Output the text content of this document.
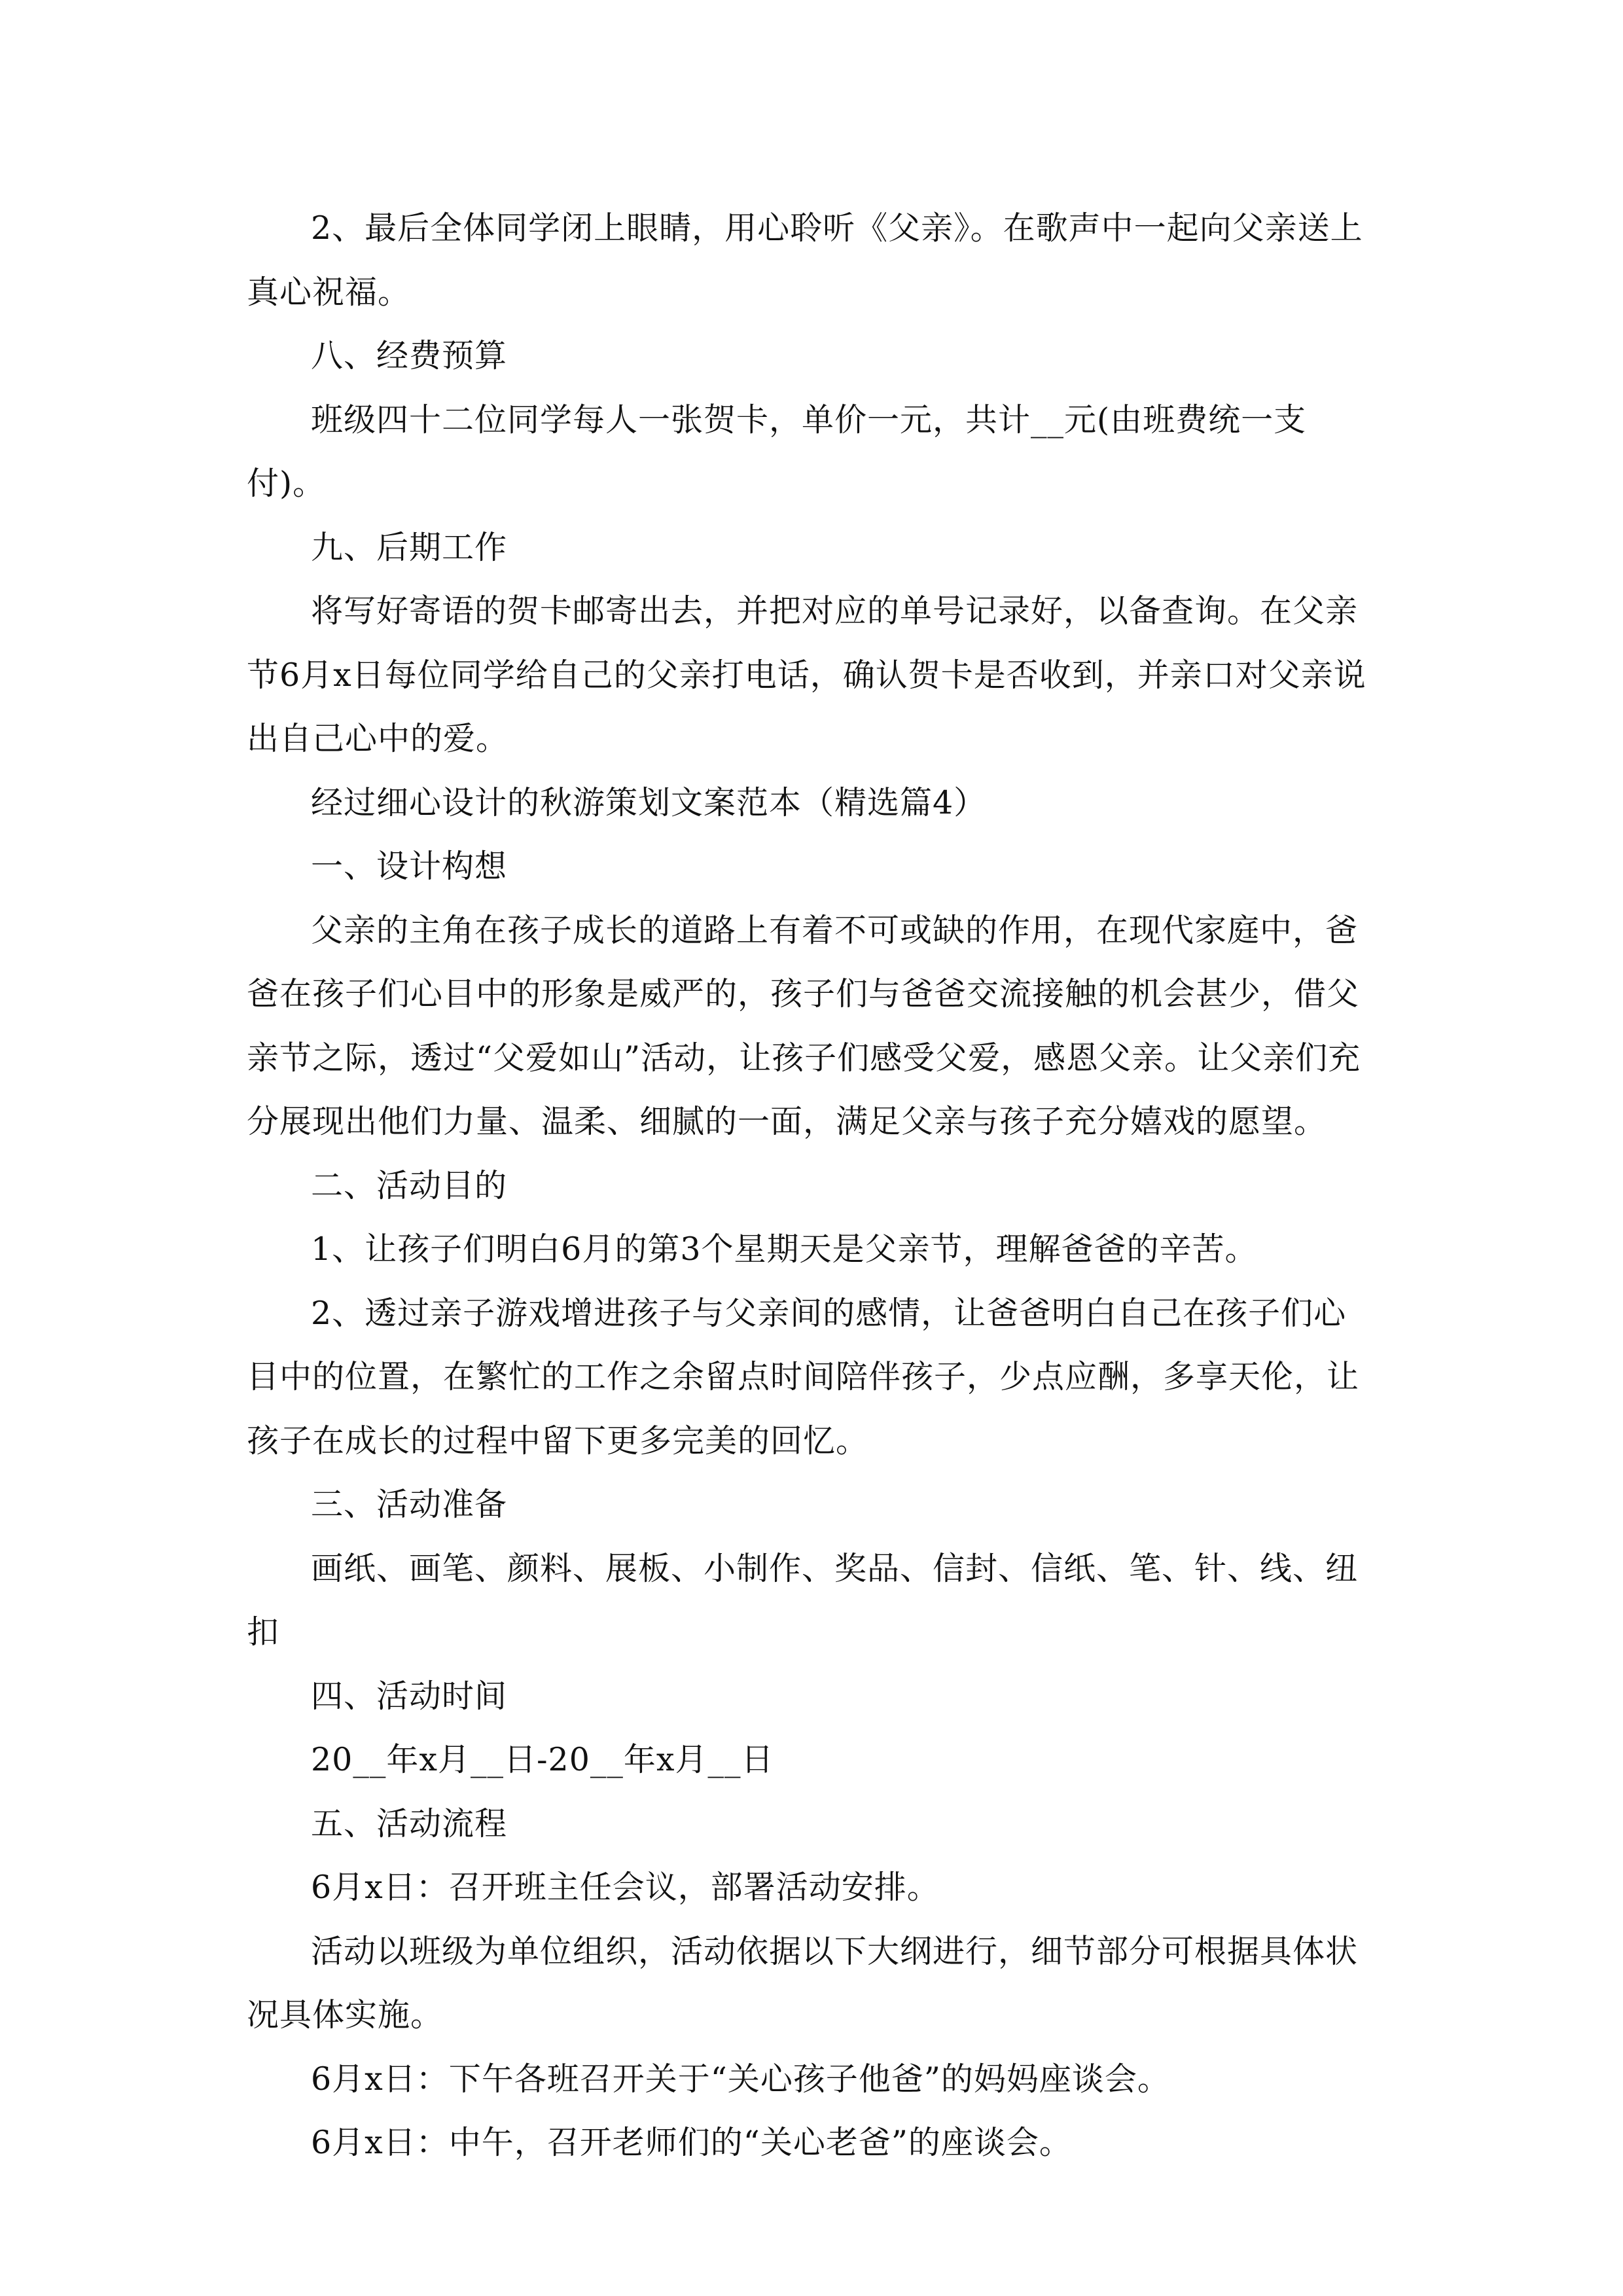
2、最后全体同学闭上眼睛，用心聆听《父亲》。在歌声中一起向父亲送上真心祝福。

八、经费预算

班级四十二位同学每人一张贺卡，单价一元，共计__元(由班费统一支付)。

九、后期工作

将写好寄语的贺卡邮寄出去，并把对应的单号记录好，以备查询。在父亲节6月x日每位同学给自己的父亲打电话，确认贺卡是否收到，并亲口对父亲说出自己心中的爱。

经过细心设计的秋游策划文案范本（精选篇4）

一、设计构想

父亲的主角在孩子成长的道路上有着不可或缺的作用，在现代家庭中，爸爸在孩子们心目中的形象是威严的，孩子们与爸爸交流接触的机会甚少，借父亲节之际，透过“父爱如山”活动，让孩子们感受父爱，感恩父亲。让父亲们充分展现出他们力量、温柔、细腻的一面，满足父亲与孩子充分嬉戏的愿望。

二、活动目的

1、让孩子们明白6月的第3个星期天是父亲节，理解爸爸的辛苦。

2、透过亲子游戏增进孩子与父亲间的感情，让爸爸明白自己在孩子们心目中的位置，在繁忙的工作之余留点时间陪伴孩子，少点应酬，多享天伦，让孩子在成长的过程中留下更多完美的回忆。

三、活动准备

画纸、画笔、颜料、展板、小制作、奖品、信封、信纸、笔、针、线、纽扣

四、活动时间

20__年x月__日-20__年x月__日

五、活动流程

6月x日：召开班主任会议，部署活动安排。

活动以班级为单位组织，活动依据以下大纲进行，细节部分可根据具体状况具体实施。

6月x日：下午各班召开关于“关心孩子他爸”的妈妈座谈会。

6月x日：中午，召开老师们的“关心老爸”的座谈会。
